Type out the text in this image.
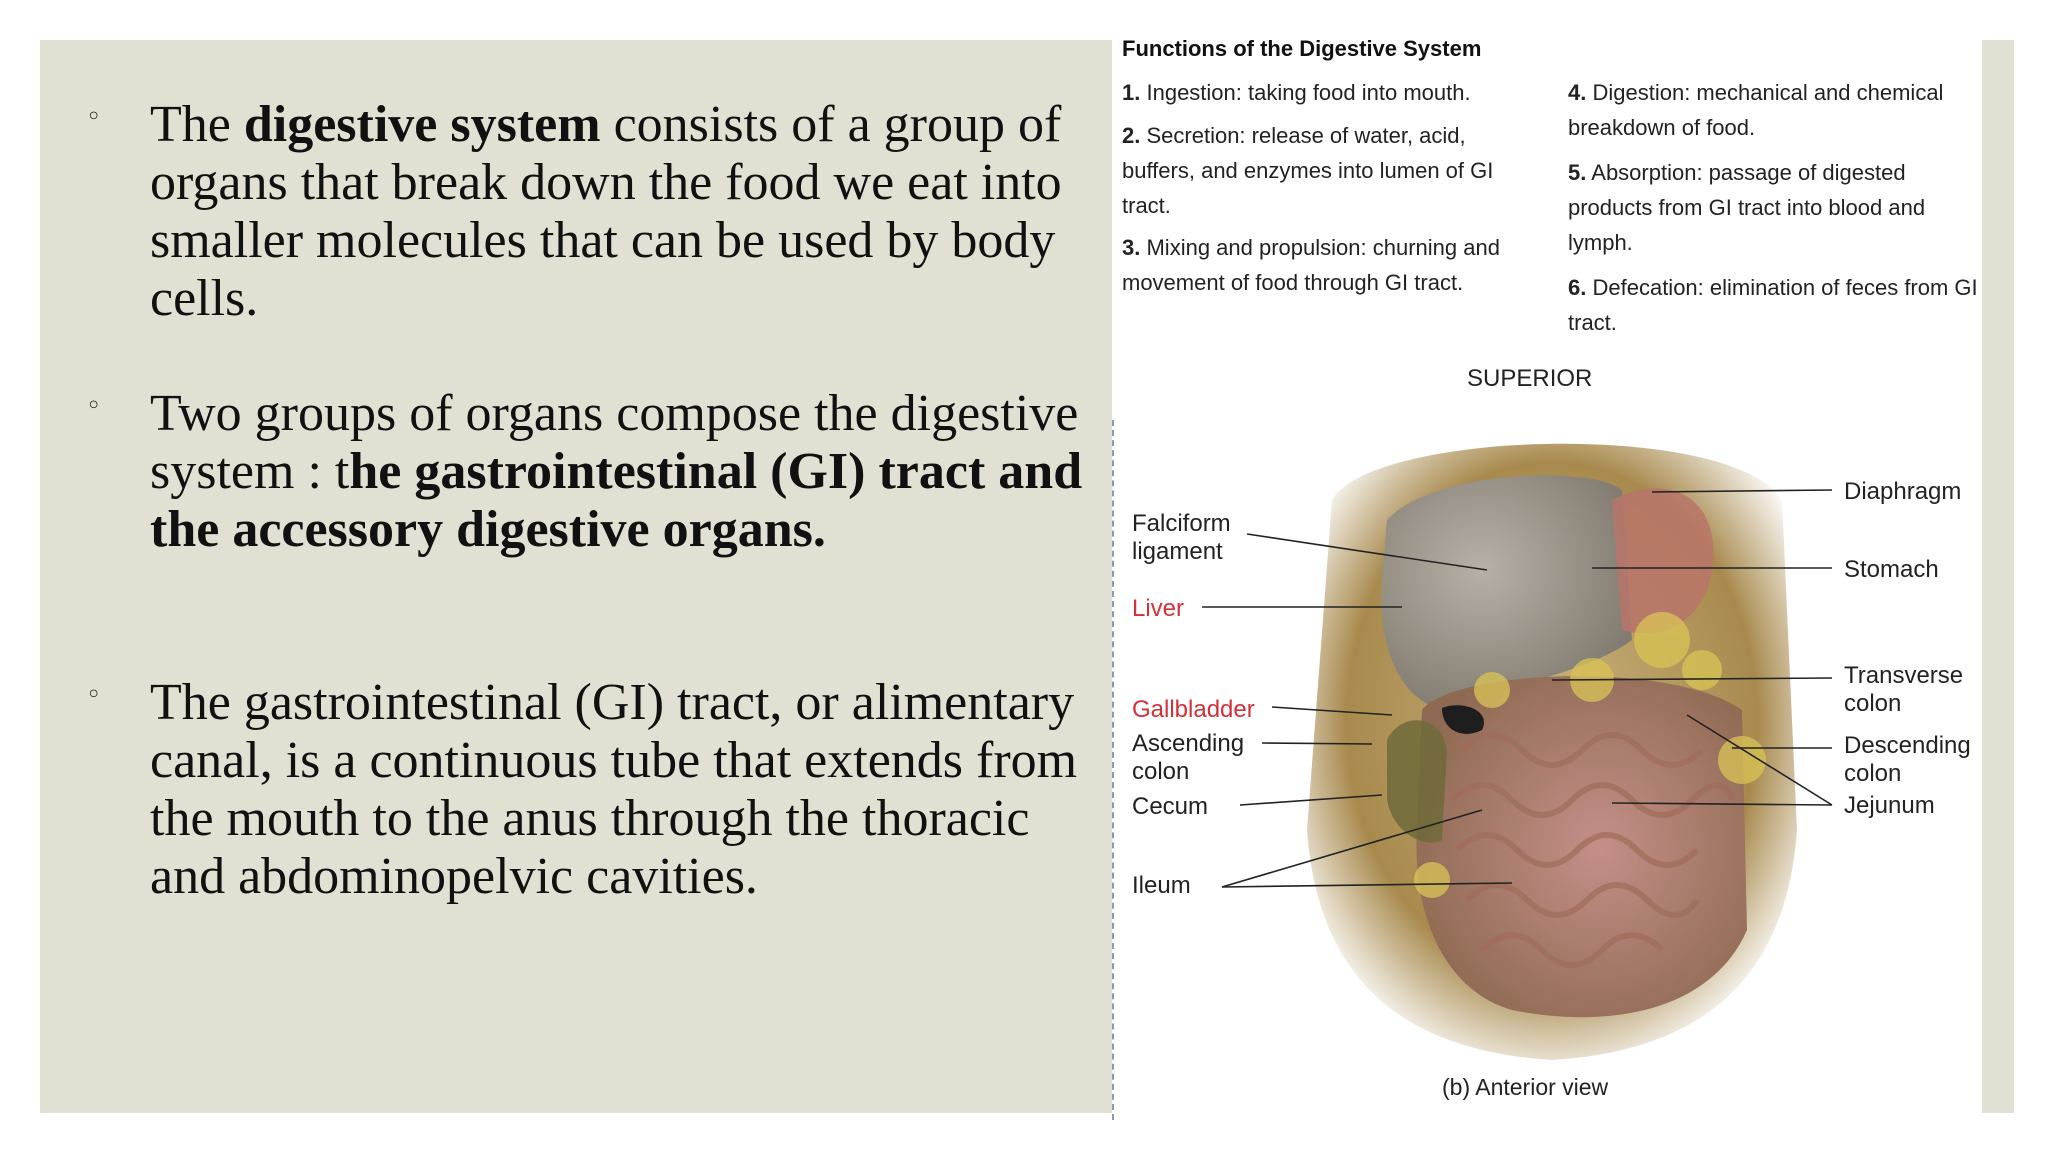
◦ The digestive system consists of a group of organs that break down the food we eat into smaller molecules that can be used by body cells.
◦ Two groups of organs compose the digestive system : the gastrointestinal (GI) tract and the accessory digestive organs.
◦ The gastrointestinal (GI) tract, or alimentary canal, is a continuous tube that extends from the mouth to the anus through the thoracic and abdominopelvic cavities.
Functions of the Digestive System
1. Ingestion: taking food into mouth.
2. Secretion: release of water, acid, buffers, and enzymes into lumen of GI tract.
3. Mixing and propulsion: churning and movement of food through GI tract.
4. Digestion: mechanical and chemical breakdown of food.
5. Absorption: passage of digested products from GI tract into blood and lymph.
6. Defecation: elimination of feces from GI tract.
SUPERIOR
Falciform ligament
Liver
Gallbladder
Ascending colon
Cecum
Ileum
Diaphragm
Stomach
Transverse colon
Descending colon
Jejunum
(b) Anterior view
